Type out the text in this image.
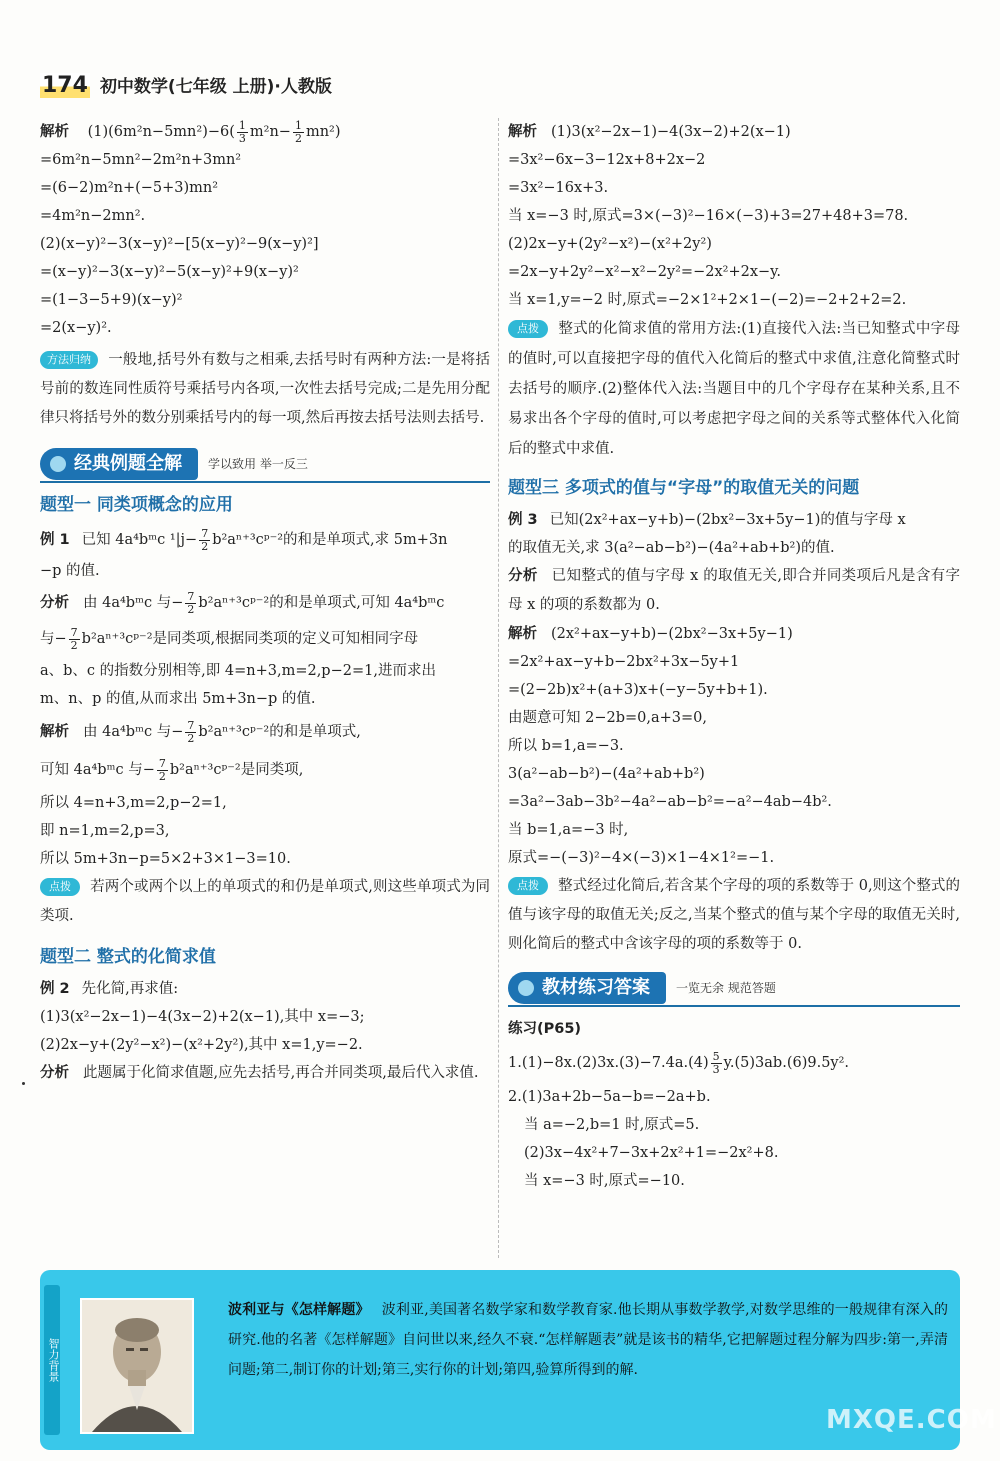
174 初中数学(七年级 上册)·人教版
解析 $(1)(6m^2n-5mn^2)-6( \frac{1}{3} m^2n- \frac{1}{2} mn^2)$
=6m²n−5mn²−2m²n+3mn²
=(6−2)m²n+(−5+3)mn²
=4m²n−2mn².
(2)(x−y)²−3(x−y)²−[5(x−y)²−9(x−y)²]
=(x−y)²−3(x−y)²−5(x−y)²+9(x−y)²
=(1−3−5+9)(x−y)²
=2(x−y)².
方法归纳 一般地,括号外有数与之相乘,去括号时有两种方法:一是将括号前的数连同性质符号乘括号内各项,一次性去括号完成;二是先用分配律只将括号外的数分别乘括号内的每一项,然后再按去括号法则去括号.
经典例题全解 学以致用 举一反三
题型一 同类项概念的应用
例 1 已知 4a⁴bᵐc $^1|j- \frac{7}{2}$ b²aⁿ⁺³cᵖ⁻²的和是单项式,求 5m+3n
−p 的值.
分析 由 4a⁴bᵐc 与− $\frac{7}{2}$ b²aⁿ⁺³cᵖ⁻²的和是单项式,可知 4a⁴bᵐc
与− $\frac{7}{2}$ b²aⁿ⁺³cᵖ⁻²是同类项,根据同类项的定义可知相同字母
a、b、c 的指数分别相等,即 4=n+3,m=2,p−2=1,进而求出
m、n、p 的值,从而求出 5m+3n−p 的值.
解析 由 4a⁴bᵐc 与− $\frac{7}{2}$ b²aⁿ⁺³cᵖ⁻²的和是单项式,
可知 4a⁴bᵐc 与− $\frac{7}{2}$ b²aⁿ⁺³cᵖ⁻²是同类项,
所以 4=n+3,m=2,p−2=1,
即 n=1,m=2,p=3,
所以 5m+3n−p=5×2+3×1−3=10.
点拨 若两个或两个以上的单项式的和仍是单项式,则这些单项式为同类项.
题型二 整式的化简求值
例 2 先化简,再求值:
(1)3(x²−2x−1)−4(3x−2)+2(x−1),其中 x=−3;
(2)2x−y+(2y²−x²)−(x²+2y²),其中 x=1,y=−2.
分析 此题属于化简求值题,应先去括号,再合并同类项,最后代入求值.
解析 (1)3(x²−2x−1)−4(3x−2)+2(x−1)
=3x²−6x−3−12x+8+2x−2
=3x²−16x+3.
当 x=−3 时,原式=3×(−3)²−16×(−3)+3=27+48+3=78.
(2)2x−y+(2y²−x²)−(x²+2y²)
=2x−y+2y²−x²−x²−2y²=−2x²+2x−y.
当 x=1,y=−2 时,原式=−2×1²+2×1−(−2)=−2+2+2=2.
点拨 整式的化简求值的常用方法:(1)直接代入法:当已知整式中字母的值时,可以直接把字母的值代入化简后的整式中求值,注意化简整式时去括号的顺序.(2)整体代入法:当题目中的几个字母存在某种关系,且不易求出各个字母的值时,可以考虑把字母之间的关系等式整体代入化简后的整式中求值.
题型三 多项式的值与“字母”的取值无关的问题
例 3 已知(2x²+ax−y+b)−(2bx²−3x+5y−1)的值与字母 x
的取值无关,求 3(a²−ab−b²)−(4a²+ab+b²)的值.
分析 已知整式的值与字母 x 的取值无关,即合并同类项后凡是含有字母 x 的项的系数都为 0.
解析 (2x²+ax−y+b)−(2bx²−3x+5y−1)
=2x²+ax−y+b−2bx²+3x−5y+1
=(2−2b)x²+(a+3)x+(−y−5y+b+1).
由题意可知 2−2b=0,a+3=0,
所以 b=1,a=−3.
3(a²−ab−b²)−(4a²+ab+b²)
=3a²−3ab−3b²−4a²−ab−b²=−a²−4ab−4b².
当 b=1,a=−3 时,
原式=−(−3)²−4×(−3)×1−4×1²=−1.
点拨 整式经过化简后,若含某个字母的项的系数等于 0,则这个整式的值与该字母的取值无关;反之,当某个整式的值与某个字母的取值无关时,则化简后的整式中含该字母的项的系数等于 0.
教材练习答案 一览无余 规范答题
练习(P65)
$1.(1)-8x.(2)3x.(3)-7.4a.(4) \frac{5}{3} y.(5)3ab.(6)9.5y^2$.
2.(1)3a+2b−5a−b=−2a+b.
当 a=−2,b=1 时,原式=5.
(2)3x−4x²+7−3x+2x²+1=−2x²+8.
当 x=−3 时,原式=−10.
智力背景
波利亚与《怎样解题》 波利亚,美国著名数学家和数学教育家.他长期从事数学教学,对数学思维的一般规律有深入的研究.他的名著《怎样解题》自问世以来,经久不衰.“怎样解题表”就是该书的精华,它把解题过程分解为四步:第一,弄清问题;第二,制订你的计划;第三,实行你的计划;第四,验算所得到的解.
MXQE.COM
